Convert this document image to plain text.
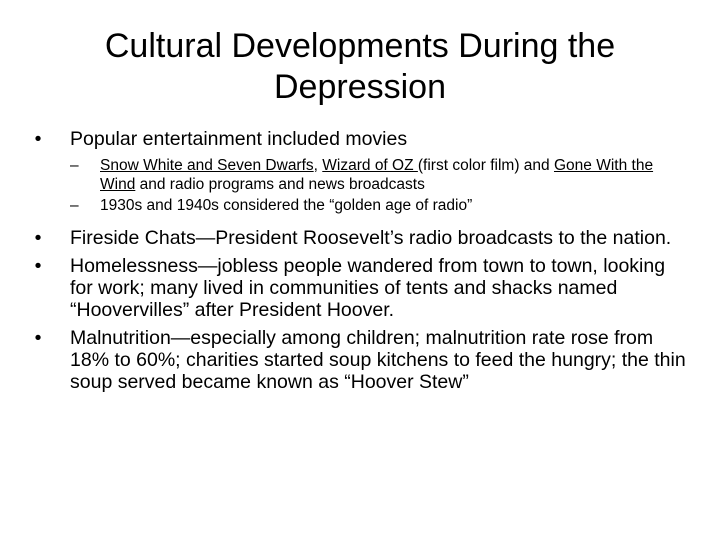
Cultural Developments During the
Depression
•	Popular entertainment included movies
–	Snow White and Seven Dwarfs, Wizard of OZ (first color film) and Gone With the Wind and radio programs and news broadcasts
–	1930s and 1940s considered the “golden age of radio”
•	Fireside Chats—President Roosevelt’s radio broadcasts to the nation.
•	Homelessness—jobless people wandered from town to town, looking for work; many lived in communities of tents and shacks named “Hoovervilles” after President Hoover.
•	Malnutrition—especially among children; malnutrition rate rose from 18% to 60%; charities started soup kitchens to feed the hungry; the thin soup served became known as “Hoover Stew”
